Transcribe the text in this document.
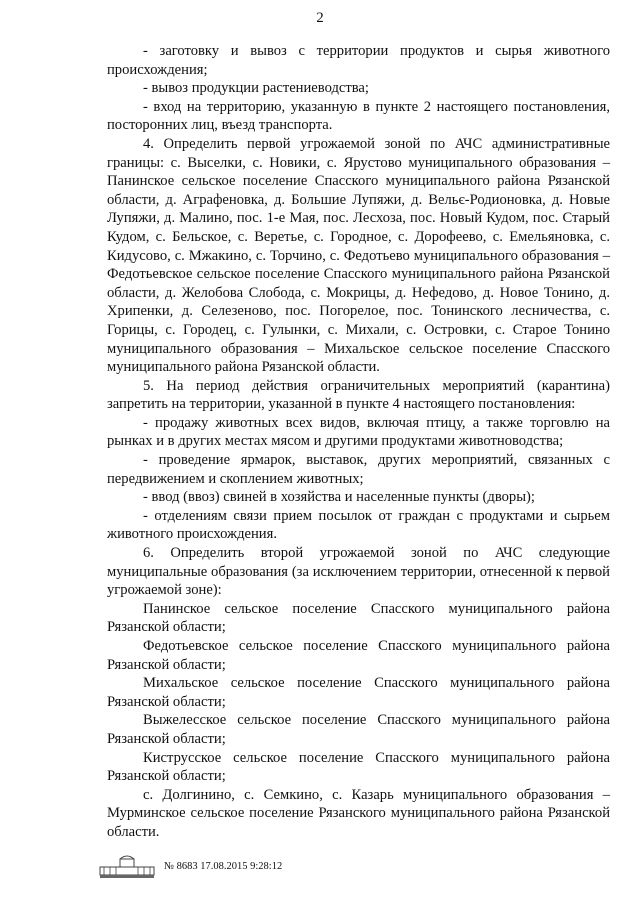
2

- заготовку и вывоз с территории продуктов и сырья животного происхождения;

- вывоз продукции растениеводства;

- вход на территорию, указанную в пункте 2 настоящего постановления, посторонних лиц, въезд транспорта.

4. Определить первой угрожаемой зоной по АЧС административные границы: с. Выселки, с. Новики, с. Ярустово муниципального образования – Панинское сельское поселение Спасского муниципального района Рязанской области, д. Аграфеновка, д. Большие Лупяжи, д. Вельє-Родионовка, д. Новые Лупяжи, д. Малино, пос. 1-е Мая, пос. Лесхоза, пос. Новый Кудом, пос. Старый Кудом, с. Бельское, с. Веретье, с. Городное, с. Дорофеево, с. Емельяновка, с. Кидусово, с. Мжакино, с. Торчино, с. Федотьево муниципального образования – Федотьевское сельское поселение Спасского муниципального района Рязанской области, д. Желобова Слобода, с. Мокрицы, д. Нефедово, д. Новое Тонино, д. Хрипенки, д. Селезеново, пос. Погорелое, пос. Тонинского лесничества, с. Горицы, с. Городец, с. Гулынки, с. Михали, с. Островки, с. Старое Тонино муниципального образования – Михальское сельское поселение Спасского муниципального района Рязанской области.

5. На период действия ограничительных мероприятий (карантина) запретить на территории, указанной в пункте 4 настоящего постановления:

- продажу животных всех видов, включая птицу, а также торговлю на рынках и в других местах мясом и другими продуктами животноводства;

- проведение ярмарок, выставок, других мероприятий, связанных с передвижением и скоплением животных;

- ввод (ввоз) свиней в хозяйства и населенные пункты (дворы);

- отделениям связи прием посылок от граждан с продуктами и сырьем животного происхождения.

6. Определить второй угрожаемой зоной по АЧС следующие муниципальные образования (за исключением территории, отнесенной к первой угрожаемой зоне):

Панинское сельское поселение Спасского муниципального района Рязанской области;

Федотьевское сельское поселение Спасского муниципального района Рязанской области;

Михальское сельское поселение Спасского муниципального района Рязанской области;

Выжелесское сельское поселение Спасского муниципального района Рязанской области;

Киструсское сельское поселение Спасского муниципального района Рязанской области;

с. Долгинино, с. Семкино, с. Казарь муниципального образования – Мурминское сельское поселение Рязанского муниципального района Рязанской области.

№ 8683 17.08.2015 9:28:12
